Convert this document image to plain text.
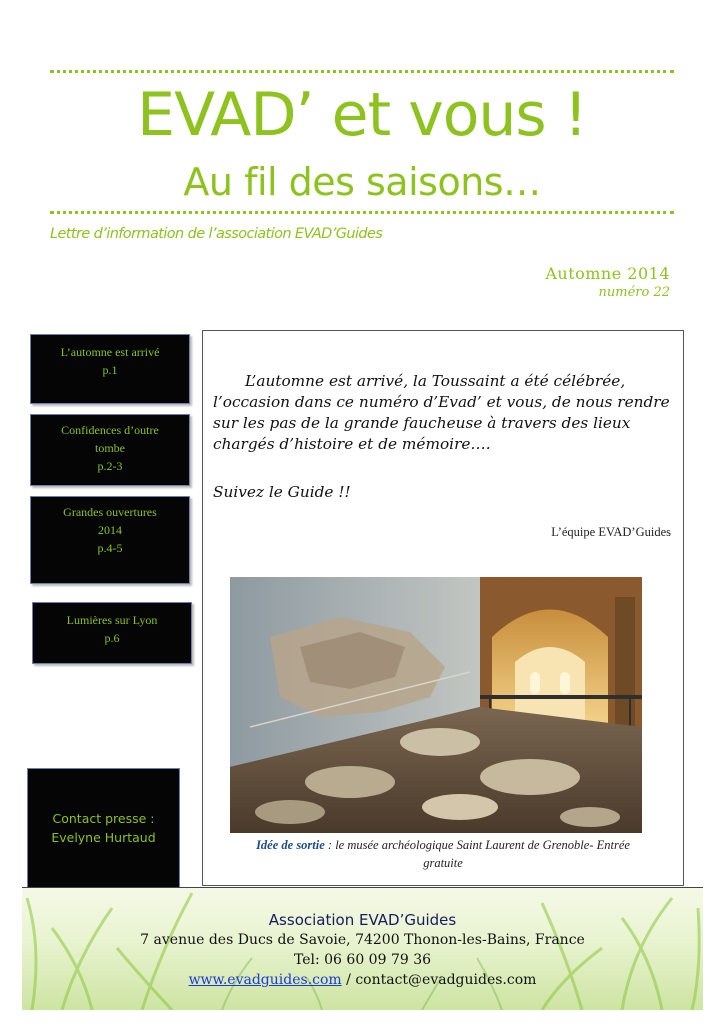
EVAD’ et vous !
Au fil des saisons…
Lettre d’information de l’association EVAD’Guides
Automne 2014
numéro 22
L’automne est arrivé
p.1
Confidences d’outre tombe
p.2-3
Grandes ouvertures 2014
p.4-5
Lumières sur Lyon
p.6
Contact presse :
Evelyne Hurtaud
L’automne est arrivé, la Toussaint a été célébrée, l’occasion dans ce numéro d’Evad’ et vous, de nous rendre sur les pas de la grande faucheuse à travers des lieux chargés d’histoire et de mémoire….
Suivez le Guide !!
L’équipe EVAD’Guides
Idée de sortie : le musée archéologique Saint Laurent de Grenoble- Entrée gratuite
Association EVAD’Guides
7 avenue des Ducs de Savoie, 74200 Thonon-les-Bains, France
Tel: 06 60 09 79 36
www.evadguides.com / contact@evadguides.com
